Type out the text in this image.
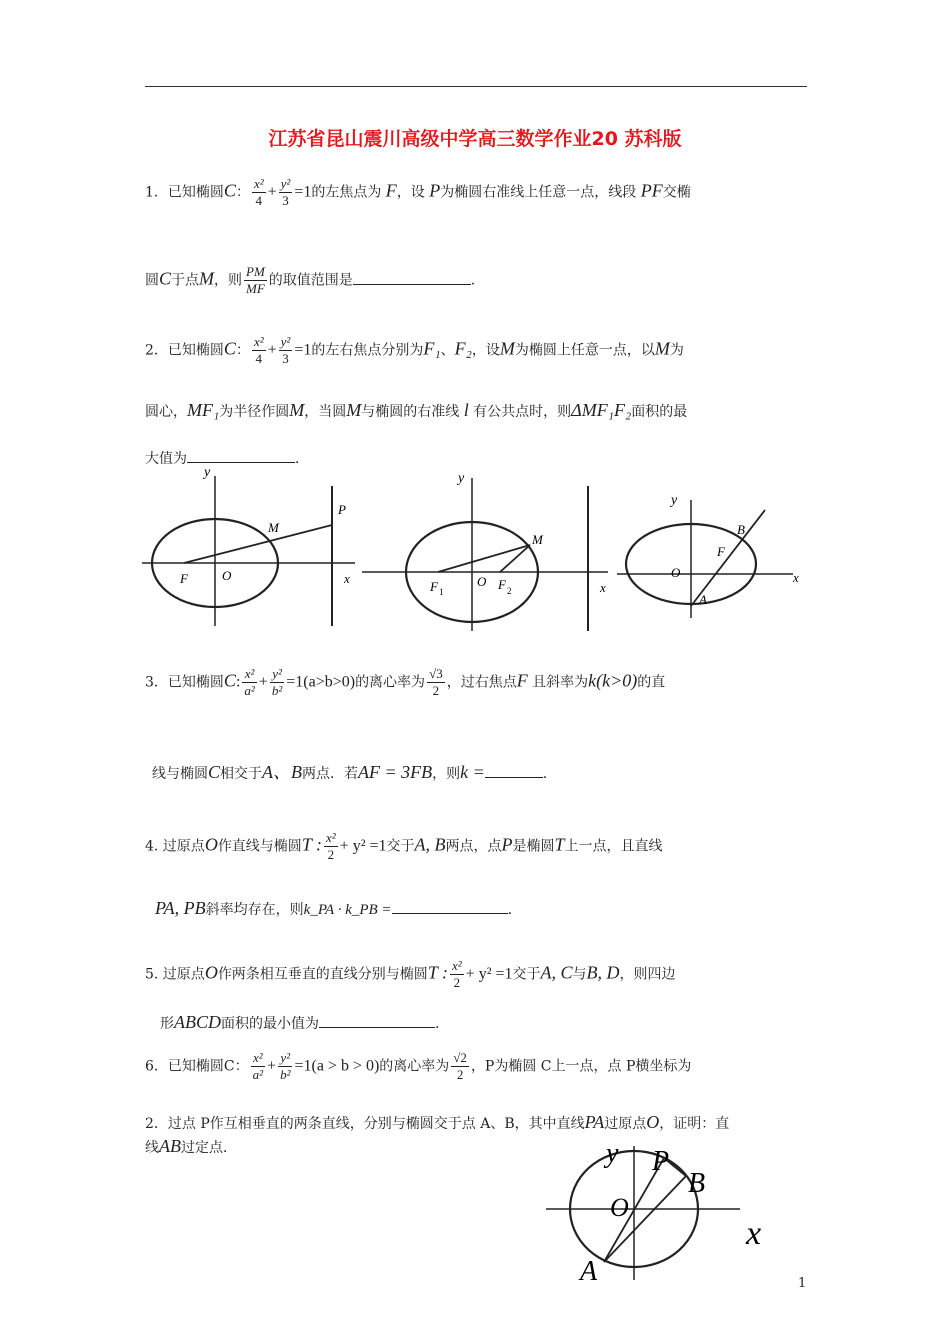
江苏省昆山震川高级中学高三数学作业20 苏科版
1．已知椭圆C： $\frac{\text{x²}}{4} + \frac{\text{y²}}{3} =1$的左焦点为 F，设 P为椭圆右准线上任意一点，线段 PF交椭
圆C于点M，则 $\frac{PM}{MF}$ 的取值范围是	.
2．已知椭圆C： $\frac{\text{x²}}{4} + \frac{\text{y²}}{3} =1$的左右焦点分别为F₁、F₂，设M为椭圆上任意一点，以M为
圆心，MF₁为半径作圆M，当圆M与椭圆的右准线 l 有公共点时，则ΔMF₁F₂面积的最
大值为	．
y
x
O
F
M
P
y
x
O
F 1	F 2
M
y
x
O
F
B
A
3．已知椭圆C: $\frac{\text{x²}}{\text{a²}} + \frac{\text{y²}}{\text{b²}} =1(a>b>0)$的离心率为 $\frac{√3}{2}$ ，过右焦点F 且斜率为k(k>0)的直
线与椭圆C相交于A、B两点．若AF = 3FB，则k =	.
4. 过原点O作直线与椭圆T : $\frac{\text{x²}}{2} + y^2 =1$交于A, B两点，点P是椭圆T上一点，且直线
PA, PB斜率均存在，则k_PA · k_PB =	.
5. 过原点O作两条相互垂直的直线分别与椭圆T : $\frac{\text{x²}}{2} + y^2 =1$交于A, C与B, D，则四边
形ABCD面积的最小值为	.
6．已知椭圆C： $\frac{\text{x²}}{\text{a²}} + \frac{\text{y²}}{\text{b²}} =1(a > b > 0)$的离心率为 $\frac{√2}{2}$ ，P为椭圆 C上一点，点 P横坐标为
2．过点 P作互相垂直的两条直线，分别与椭圆交于点 A、B，其中直线PA过原点O，证明：直
线AB过定点．	y
x
O
P
B
A	1
